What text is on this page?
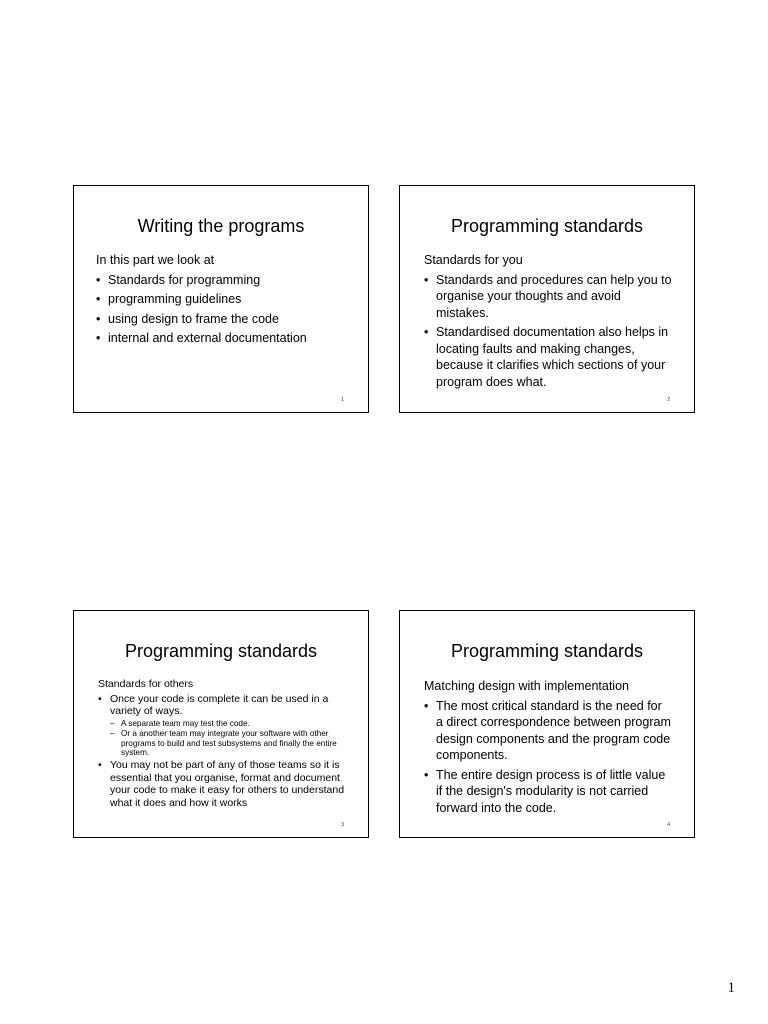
Writing the programs

In this part we look at

• Standards for programming
• programming guidelines
• using design to frame the code
• internal and external documentation
1
Programming standards

Standards for you

• Standards and procedures can help you to organise your thoughts and avoid mistakes.
• Standardised documentation also helps in locating faults and making changes, because it clarifies which sections of your program does what.
2
Programming standards

Standards for others

• Once your code is complete it can be used in a variety of ways.
– A separate team may test the code.
– Or a another team may integrate your software with other programs to build and test subsystems and finally the entire system.
• You may not be part of any of those teams so it is essential that you organise, format and document your code to make it easy for others to understand what it does and how it works
3
Programming standards

Matching design with implementation

• The most critical standard is the need for a direct correspondence between program design components and the program code components.
• The entire design process is of little value if the design's modularity is not carried forward into the code.
4
1
